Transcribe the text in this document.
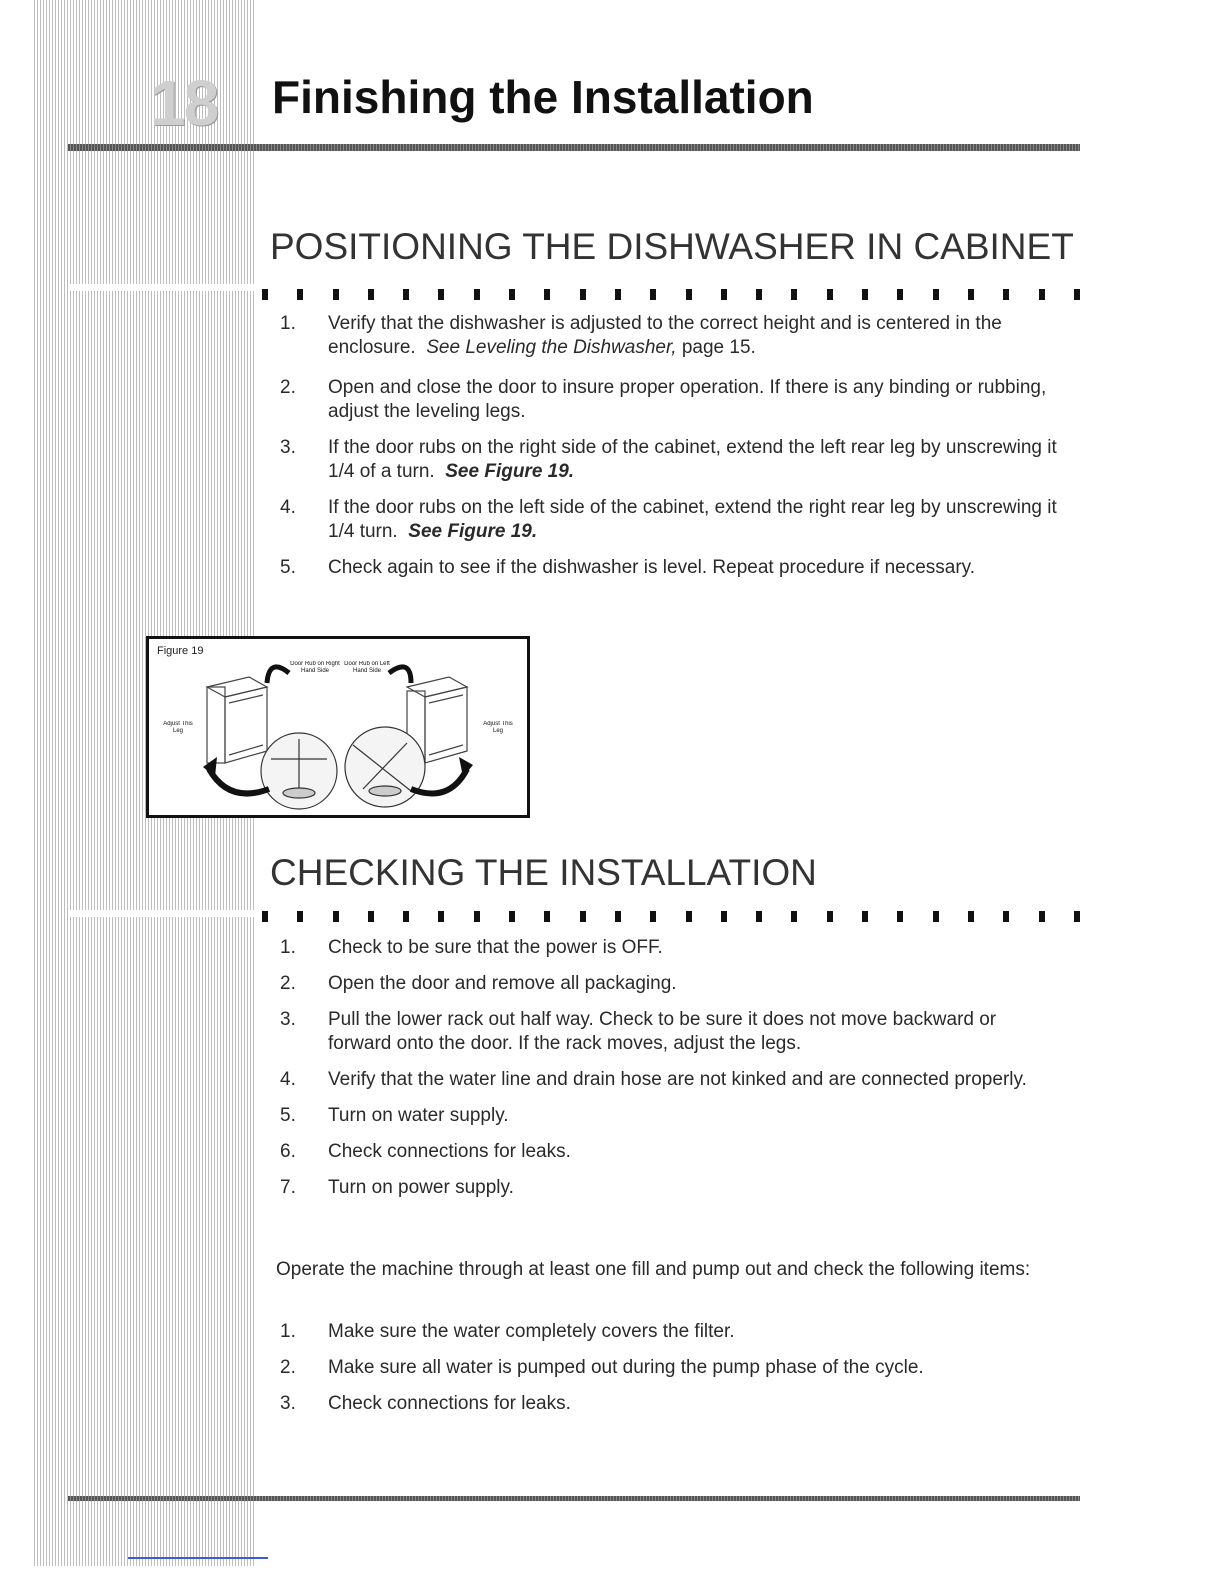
18	Finishing the Installation
POSITIONING THE DISHWASHER IN CABINET
1.	Verify that the dishwasher is adjusted to the correct height and is centered in the enclosure. See Leveling the Dishwasher, page 15.
2.	Open and close the door to insure proper operation. If there is any binding or rubbing, adjust the leveling legs.
3.	If the door rubs on the right side of the cabinet, extend the left rear leg by unscrewing it 1/4 of a turn. See Figure 19.
4.	If the door rubs on the left side of the cabinet, extend the right rear leg by unscrewing it 1/4 turn. See Figure 19.
5.	Check again to see if the dishwasher is level. Repeat procedure if necessary.
Figure 19
Door Rub on Right Hand Side
Door Rub on Left Hand Side
Adjust This Leg
Adjust This Leg
CHECKING THE INSTALLATION
1.	Check to be sure that the power is OFF.
2.	Open the door and remove all packaging.
3.	Pull the lower rack out half way. Check to be sure it does not move backward or forward onto the door. If the rack moves, adjust the legs.
4.	Verify that the water line and drain hose are not kinked and are connected properly.
5.	Turn on water supply.
6.	Check connections for leaks.
7.	Turn on power supply.

Operate the machine through at least one fill and pump out and check the following items:

1.	Make sure the water completely covers the filter.
2.	Make sure all water is pumped out during the pump phase of the cycle.
3.	Check connections for leaks.
